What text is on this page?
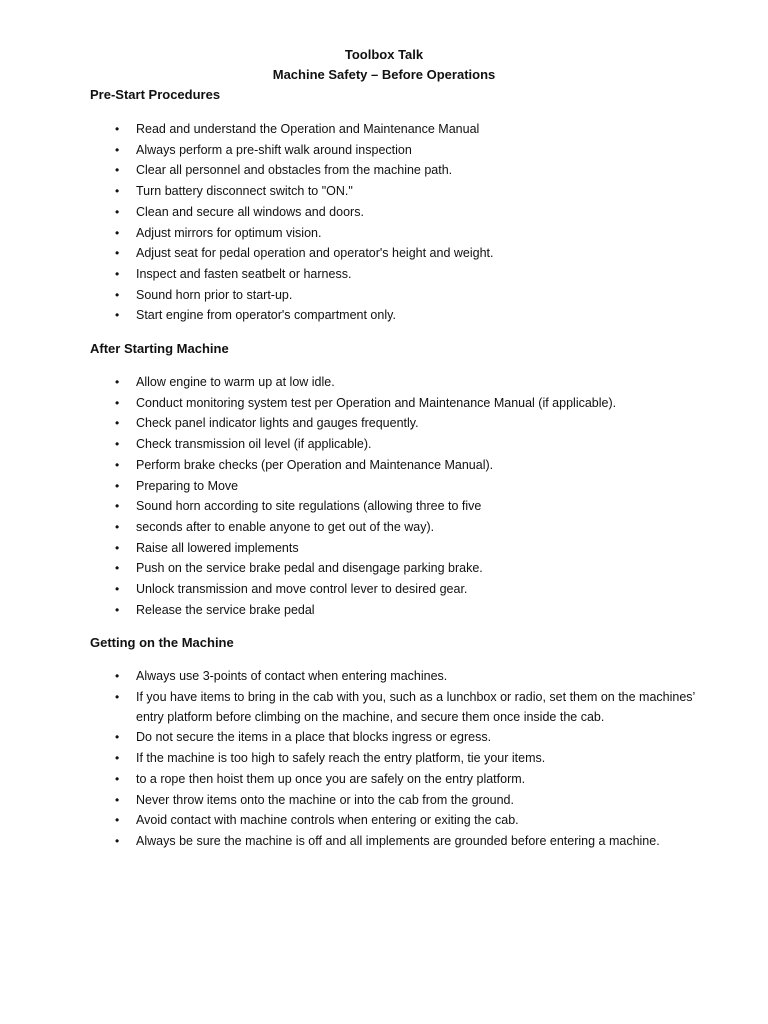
Toolbox Talk
Machine Safety – Before Operations
Pre-Start Procedures
• Read and understand the Operation and Maintenance Manual
• Always perform a pre-shift walk around inspection
• Clear all personnel and obstacles from the machine path.
• Turn battery disconnect switch to "ON."
• Clean and secure all windows and doors.
• Adjust mirrors for optimum vision.
• Adjust seat for pedal operation and operator's height and weight.
• Inspect and fasten seatbelt or harness.
• Sound horn prior to start-up.
• Start engine from operator's compartment only.
After Starting Machine
• Allow engine to warm up at low idle.
• Conduct monitoring system test per Operation and Maintenance Manual (if applicable).
• Check panel indicator lights and gauges frequently.
• Check transmission oil level (if applicable).
• Perform brake checks (per Operation and Maintenance Manual).
• Preparing to Move
• Sound horn according to site regulations (allowing three to five
• seconds after to enable anyone to get out of the way).
• Raise all lowered implements
• Push on the service brake pedal and disengage parking brake.
• Unlock transmission and move control lever to desired gear.
• Release the service brake pedal
Getting on the Machine
• Always use 3-points of contact when entering machines.
• If you have items to bring in the cab with you, such as a lunchbox or radio, set them on the machines’ entry platform before climbing on the machine, and secure them once inside the cab.
• Do not secure the items in a place that blocks ingress or egress.
• If the machine is too high to safely reach the entry platform, tie your items.
• to a rope then hoist them up once you are safely on the entry platform.
• Never throw items onto the machine or into the cab from the ground.
• Avoid contact with machine controls when entering or exiting the cab.
• Always be sure the machine is off and all implements are grounded before entering a machine.
